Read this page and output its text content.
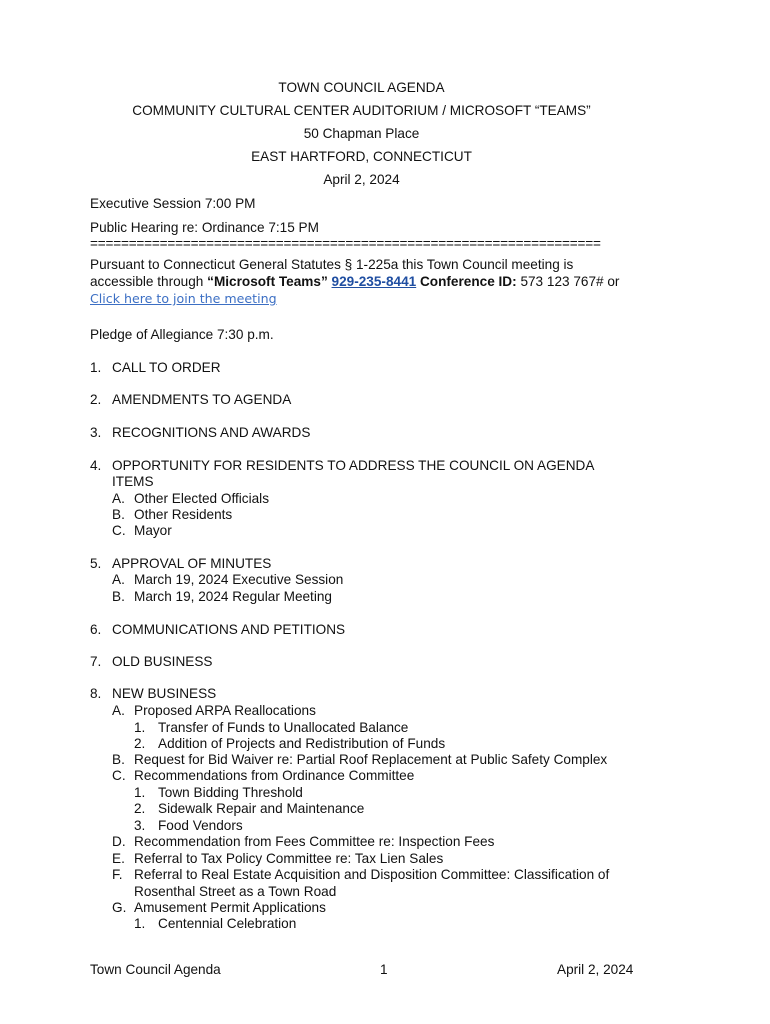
TOWN COUNCIL AGENDA
COMMUNITY CULTURAL CENTER AUDITORIUM / MICROSOFT “TEAMS”
50 Chapman Place
EAST HARTFORD, CONNECTICUT
April 2, 2024
Executive Session 7:00 PM
Public Hearing re: Ordinance 7:15 PM
==================================================================
Pursuant to Connecticut General Statutes § 1-225a this Town Council meeting is
accessible through “Microsoft Teams” 929-235-8441 Conference ID: 573 123 767# or
Click here to join the meeting
Pledge of Allegiance 7:30 p.m.
1. CALL TO ORDER
2. AMENDMENTS TO AGENDA
3. RECOGNITIONS AND AWARDS
4. OPPORTUNITY FOR RESIDENTS TO ADDRESS THE COUNCIL ON AGENDA
ITEMS
A. Other Elected Officials
B. Other Residents
C. Mayor
5. APPROVAL OF MINUTES
A. March 19, 2024 Executive Session
B. March 19, 2024 Regular Meeting
6. COMMUNICATIONS AND PETITIONS
7. OLD BUSINESS
8. NEW BUSINESS
A. Proposed ARPA Reallocations
1. Transfer of Funds to Unallocated Balance
2. Addition of Projects and Redistribution of Funds
B. Request for Bid Waiver re: Partial Roof Replacement at Public Safety Complex
C. Recommendations from Ordinance Committee
1. Town Bidding Threshold
2. Sidewalk Repair and Maintenance
3. Food Vendors
D. Recommendation from Fees Committee re: Inspection Fees
E. Referral to Tax Policy Committee re: Tax Lien Sales
F. Referral to Real Estate Acquisition and Disposition Committee: Classification of
Rosenthal Street as a Town Road
G. Amusement Permit Applications
1. Centennial Celebration
Town Council Agenda	1	April 2, 2024
